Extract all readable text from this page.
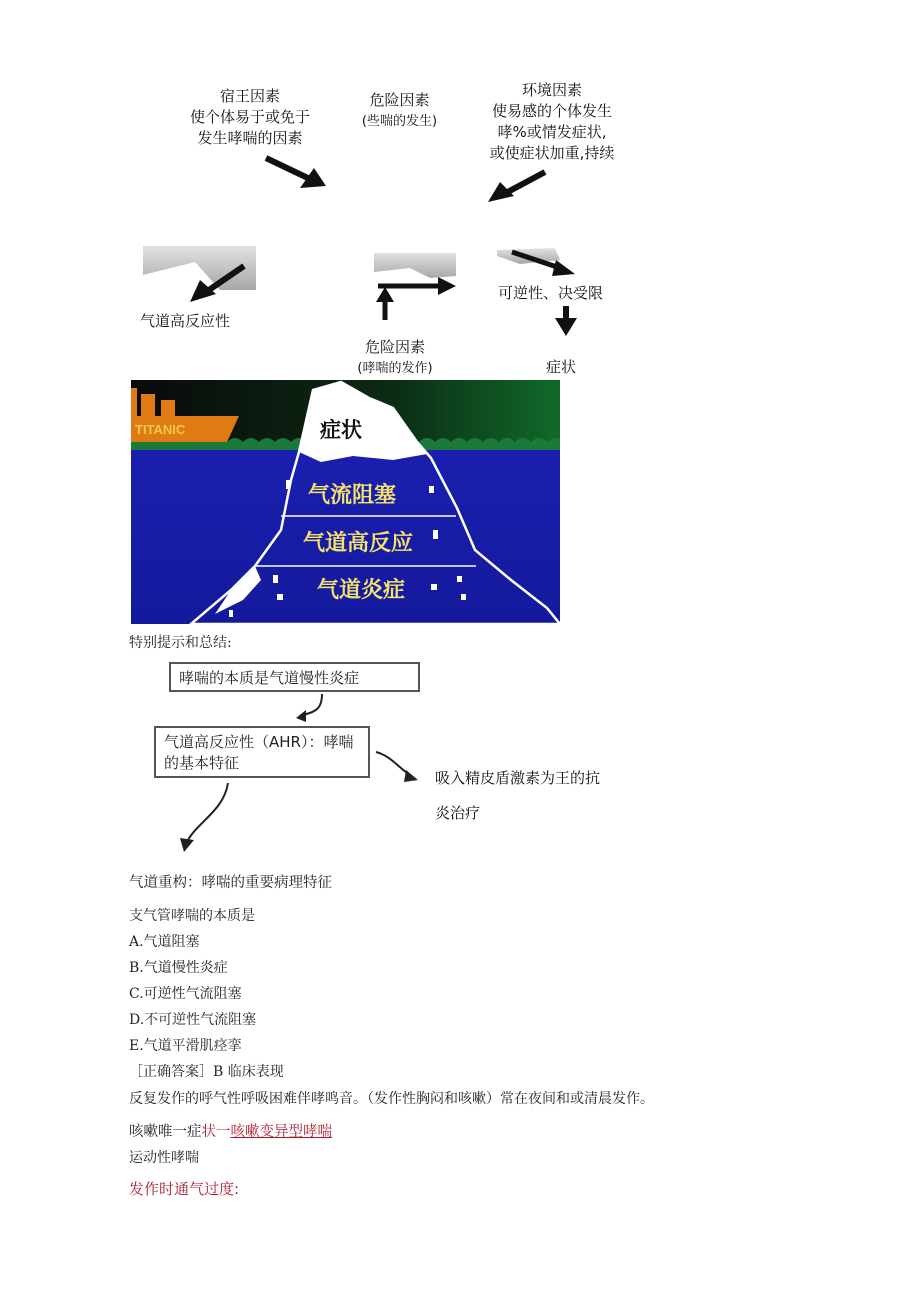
宿王因素
使个体易于或免于
发生哮喘的因素
危险因素
(些喘的发生)
环境因素
使易感的个体发生
哮%或情发症状,
或使症状加重,持续
气道高反应性
可逆性、决受限
危险因素
(哮喘的发作)	症状
TITANIC	症状
气流阻塞
气道高反应
气道炎症
特别提示和总结:
哮喘的本质是气道慢性炎症
气道高反应性（AHR）：哮喘的基本特征
吸入精皮盾激素为王的抗
炎治疗
气道重构：哮喘的重要病理特征
支气管哮喘的本质是
A.气道阻塞
B.气道慢性炎症
C.可逆性气流阻塞
D.不可逆性气流阻塞
E.气道平滑肌痉挛
［正确答案］B 临床表现
反复发作的呼气性呼吸困难伴哮鸣音。（发作性胸闷和咳嗽）常在夜间和或清晨发作。
咳嗽唯一症状一咳嗽变异型哮喘
运动性哮喘
发作时通气过度:
